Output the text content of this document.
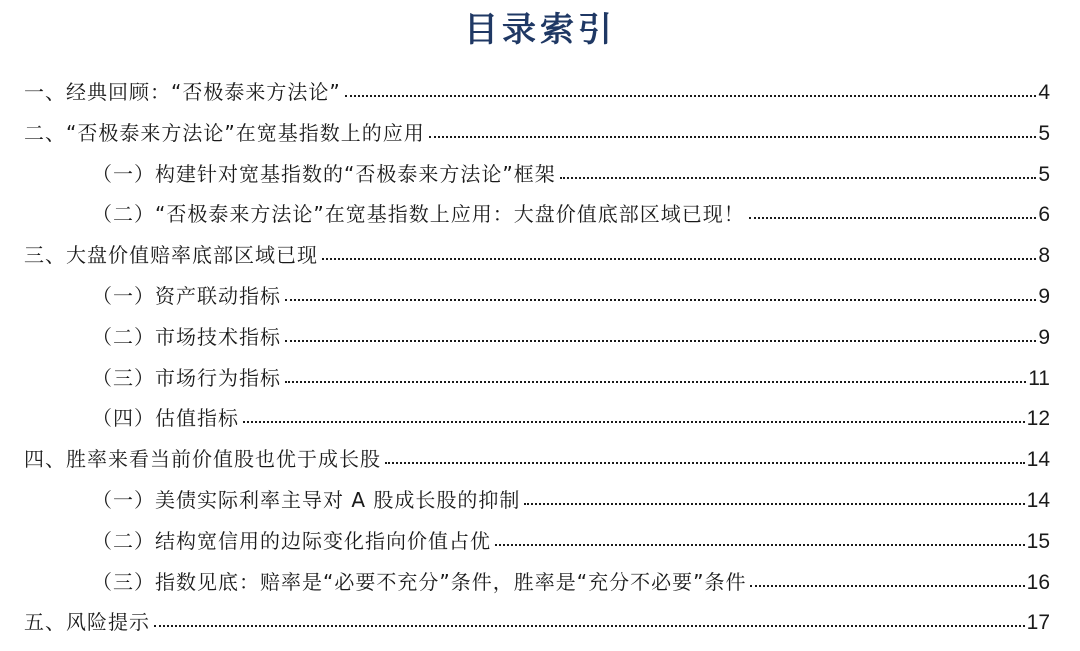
目录索引
一、经典回顾：“否极泰来方法论”	4
二、“否极泰来方法论”在宽基指数上的应用	5
（一）构建针对宽基指数的“否极泰来方法论”框架	5
（二）“否极泰来方法论”在宽基指数上应用：大盘价值底部区域已现！	6
三、大盘价值赔率底部区域已现	8
（一）资产联动指标	9
（二）市场技术指标	9
（三）市场行为指标	11
（四）估值指标	12
四、胜率来看当前价值股也优于成长股	14
（一）美债实际利率主导对 A 股成长股的抑制	14
（二）结构宽信用的边际变化指向价值占优	15
（三）指数见底：赔率是“必要不充分”条件，胜率是“充分不必要”条件	16
五、风险提示	17
